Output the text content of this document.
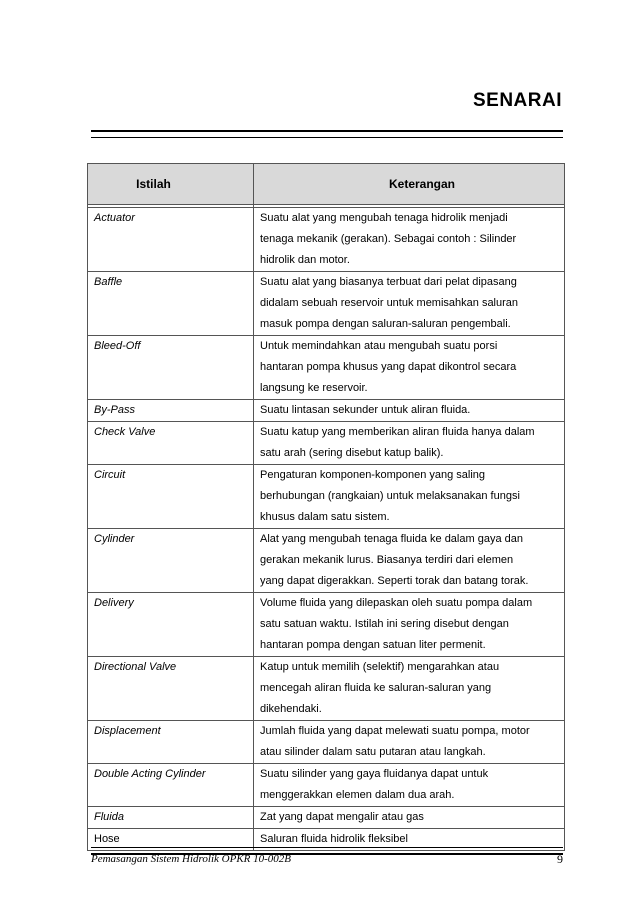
SENARAI
Istilah	Keterangan

Actuator	Suatu alat yang mengubah tenaga hidrolik menjadi
tenaga mekanik (gerakan). Sebagai contoh : Silinder
hidrolik dan motor.

Baffle	Suatu alat yang biasanya terbuat dari pelat dipasang
didalam sebuah reservoir untuk memisahkan saluran
masuk pompa dengan saluran-saluran pengembali.

Bleed-Off	Untuk memindahkan atau mengubah suatu porsi
hantaran pompa khusus yang dapat dikontrol secara
langsung ke reservoir.

By-Pass	Suatu lintasan sekunder untuk aliran fluida.

Check Valve	Suatu katup yang memberikan aliran fluida hanya dalam
satu arah (sering disebut katup balik).

Circuit	Pengaturan komponen-komponen yang saling
berhubungan (rangkaian) untuk melaksanakan fungsi
khusus dalam satu sistem.

Cylinder	Alat yang mengubah tenaga fluida ke dalam gaya dan
gerakan mekanik lurus. Biasanya terdiri dari elemen
yang dapat digerakkan. Seperti torak dan batang torak.

Delivery	Volume fluida yang dilepaskan oleh suatu pompa dalam
satu satuan waktu. Istilah ini sering disebut dengan
hantaran pompa dengan satuan liter permenit.

Directional Valve	Katup untuk memilih (selektif) mengarahkan atau
mencegah aliran fluida ke saluran-saluran yang
dikehendaki.

Displacement	Jumlah fluida yang dapat melewati suatu pompa, motor
atau silinder dalam satu putaran atau langkah.

Double Acting Cylinder	Suatu silinder yang gaya fluidanya dapat untuk
menggerakkan elemen dalam dua arah.

Fluida	Zat yang dapat mengalir atau gas

Hose	Saluran fluida hidrolik fleksibel
Pemasangan Sistem Hidrolik OPKR 10-002B	9
